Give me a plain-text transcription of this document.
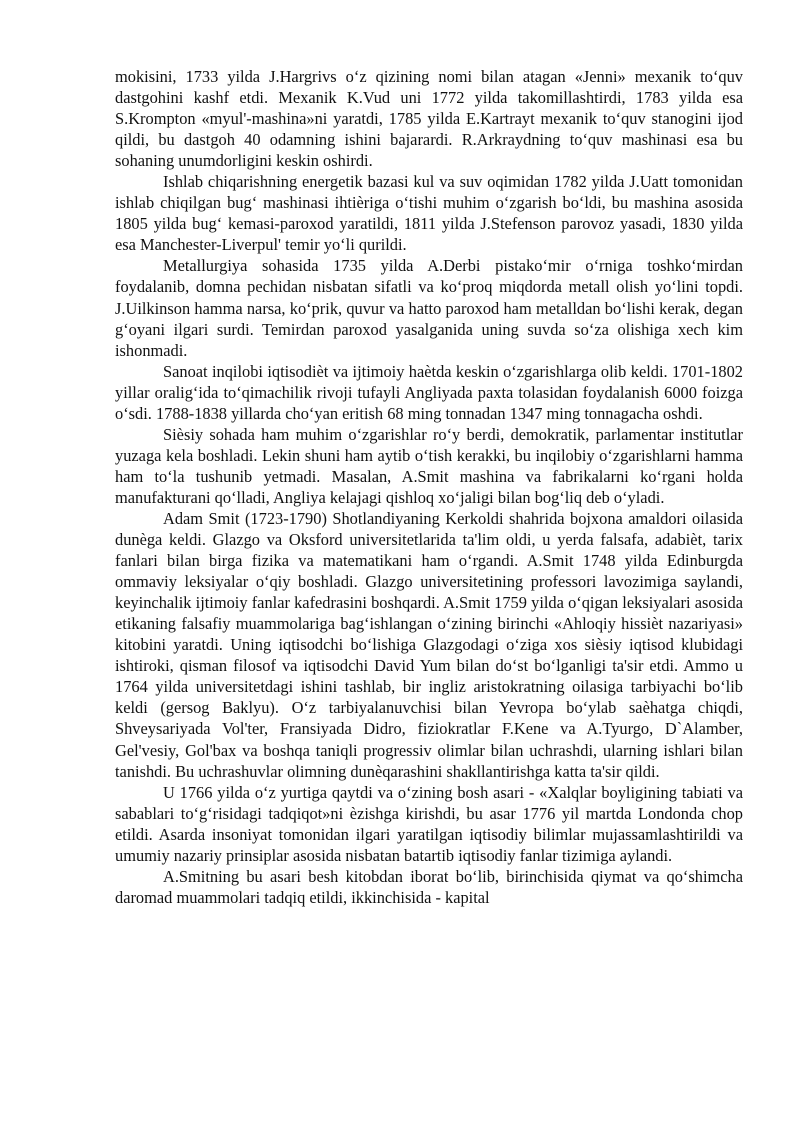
mokisini, 1733 yilda J.Hargrivs o‘z qizining nomi bilan atagan «Jenni» mexanik to‘quv dastgohini kashf etdi. Mexanik K.Vud uni 1772 yilda takomillashtirdi, 1783 yilda esa S.Krompton «myul'-mashina»ni yaratdi, 1785 yilda E.Kartrayt mexanik to‘quv stanogini ijod qildi, bu dastgoh 40 odamning ishini bajarardi. R.Arkraydning to‘quv mashinasi esa bu sohaning unumdorligini keskin oshirdi.

Ishlab chiqarishning energetik bazasi kul va suv oqimidan 1782 yilda J.Uatt tomonidan ishlab chiqilgan bug‘ mashinasi ihtièriga o‘tishi muhim o‘zgarish bo‘ldi, bu mashina asosida 1805 yilda bug‘ kemasi-paroxod yaratildi, 1811 yilda J.Stefenson parovoz yasadi, 1830 yilda esa Manchester-Liverpul' temir yo‘li qurildi.

Metallurgiya sohasida 1735 yilda A.Derbi pistako‘mir o‘rniga toshko‘mirdan foydalanib, domna pechidan nisbatan sifatli va ko‘proq miqdorda metall olish yo‘lini topdi. J.Uilkinson hamma narsa, ko‘prik, quvur va hatto paroxod ham metalldan bo‘lishi kerak, degan g‘oyani ilgari surdi. Temirdan paroxod yasalganida uning suvda so‘za olishiga xech kim ishonmadi.

Sanoat inqilobi iqtisodièt va ijtimoiy haètda keskin o‘zgarishlarga olib keldi. 1701-1802 yillar oralig‘ida to‘qimachilik rivoji tufayli Angliyada paxta tolasidan foydalanish 6000 foizga o‘sdi. 1788-1838 yillarda cho‘yan eritish 68 ming tonnadan 1347 ming tonnagacha oshdi.

Sièsiy sohada ham muhim o‘zgarishlar ro‘y berdi, demokratik, parlamentar institutlar yuzaga kela boshladi. Lekin shuni ham aytib o‘tish kerakki, bu inqilobiy o‘zgarishlarni hamma ham to‘la tushunib yetmadi. Masalan, A.Smit mashina va fabrikalarni ko‘rgani holda manufakturani qo‘lladi, Angliya kelajagi qishloq xo‘jaligi bilan bog‘liq deb o‘yladi.

Adam Smit (1723-1790) Shotlandiyaning Kerkoldi shahrida bojxona amaldori oilasida dunèga keldi. Glazgo va Oksford universitetlarida ta'lim oldi, u yerda falsafa, adabièt, tarix fanlari bilan birga fizika va matematikani ham o‘rgandi. A.Smit 1748 yilda Edinburgda ommaviy leksiyalar o‘qiy boshladi. Glazgo universitetining professori lavozimiga saylandi, keyinchalik ijtimoiy fanlar kafedrasini boshqardi. A.Smit 1759 yilda o‘qigan leksiyalari asosida etikaning falsafiy muammolariga bag‘ishlangan o‘zining birinchi «Ahloqiy hissièt nazariyasi» kitobini yaratdi. Uning iqtisodchi bo‘lishiga Glazgodagi o‘ziga xos sièsiy iqtisod klubidagi ishtiroki, qisman filosof va iqtisodchi David Yum bilan do‘st bo‘lganligi ta'sir etdi. Ammo u 1764 yilda universitetdagi ishini tashlab, bir ingliz aristokratning oilasiga tarbiyachi bo‘lib keldi (gersog Baklyu). O‘z tarbiyalanuvchisi bilan Yevropa bo‘ylab saèhatga chiqdi, Shveysariyada Vol'ter, Fransiyada Didro, fiziokratlar F.Kene va A.Tyurgo, D`Alamber, Gel'vesiy, Gol'bax va boshqa taniqli progressiv olimlar bilan uchrashdi, ularning ishlari bilan tanishdi. Bu uchrashuvlar olimning dunèqarashini shakllantirishga katta ta'sir qildi.

U 1766 yilda o‘z yurtiga qaytdi va o‘zining bosh asari - «Xalqlar boyligining tabiati va sabablari to‘g‘risidagi tadqiqot»ni èzishga kirishdi, bu asar 1776 yil martda Londonda chop etildi. Asarda insoniyat tomonidan ilgari yaratilgan iqtisodiy bilimlar mujassamlashtirildi va umumiy nazariy prinsiplar asosida nisbatan batartib iqtisodiy fanlar tizimiga aylandi.

A.Smitning bu asari besh kitobdan iborat bo‘lib, birinchisida qiymat va qo‘shimcha daromad muammolari tadqiq etildi, ikkinchisida - kapital
